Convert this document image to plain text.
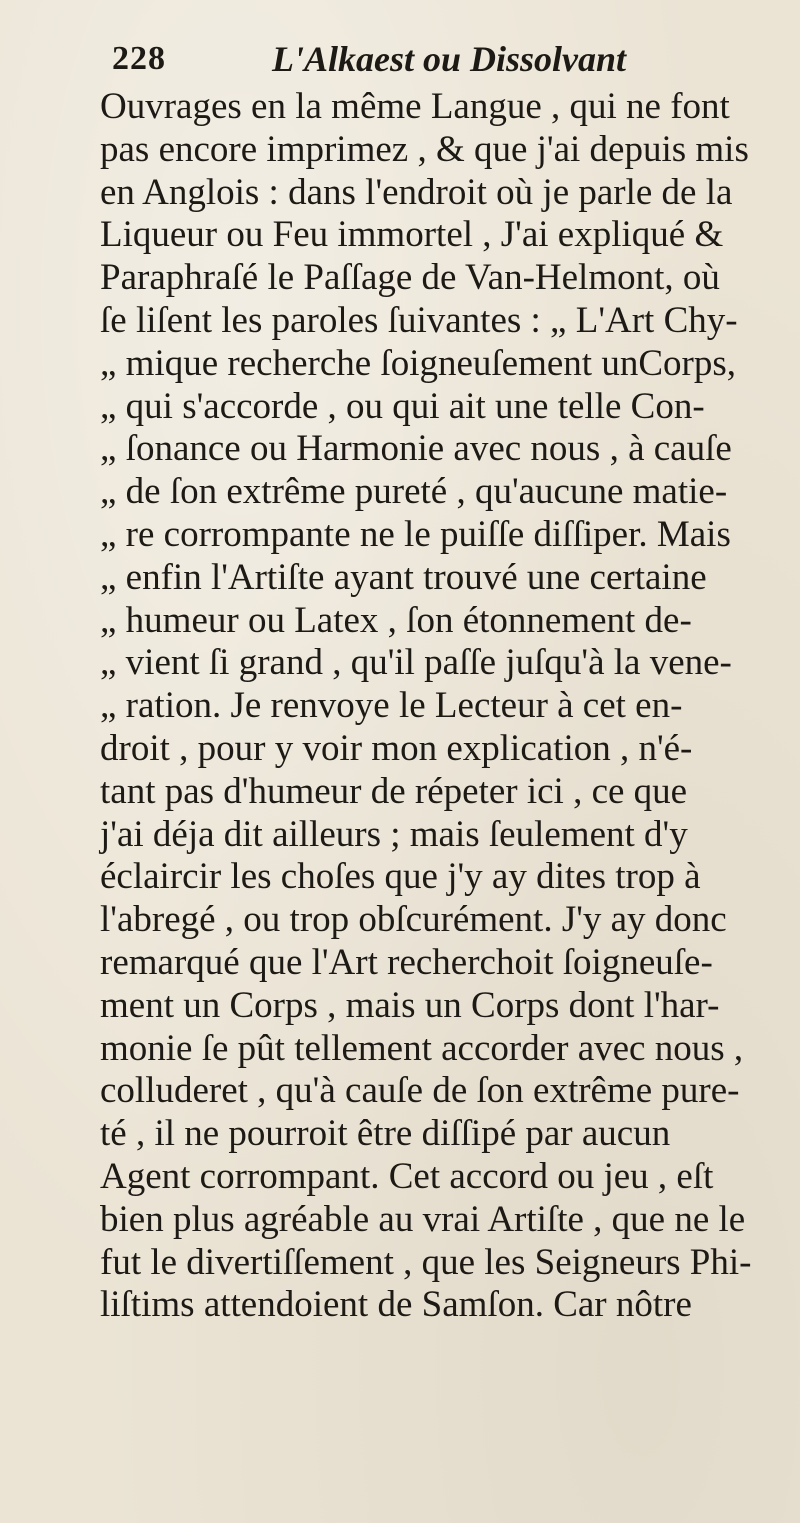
228	L'Alkaest ou Dissolvant
Ouvrages en la même Langue , qui ne font
pas encore imprimez , & que j'ai depuis mis
en Anglois : dans l'endroit où je parle de la
Liqueur ou Feu immortel , J'ai expliqué &
Paraphraſé le Paſſage de Van-Helmont, où
ſe liſent les paroles ſuivantes : „ L'Art Chy-
„ mique recherche ſoigneuſement unCorps,
„ qui s'accorde , ou qui ait une telle Con-
„ ſonance ou Harmonie avec nous , à cauſe
„ de ſon extrême pureté , qu'aucune matie-
„ re corrompante ne le puiſſe diſſiper. Mais
„ enfin l'Artiſte ayant trouvé une certaine
„ humeur ou Latex , ſon étonnement de-
„ vient ſi grand , qu'il paſſe juſqu'à la vene-
„ ration. Je renvoye le Lecteur à cet en-
droit , pour y voir mon explication , n'é-
tant pas d'humeur de répeter ici , ce que
j'ai déja dit ailleurs ; mais ſeulement d'y
éclaircir les choſes que j'y ay dites trop à
l'abregé , ou trop obſcurément. J'y ay donc
remarqué que l'Art recherchoit ſoigneuſe-
ment un Corps , mais un Corps dont l'har-
monie ſe pût tellement accorder avec nous ,
colluderet , qu'à cauſe de ſon extrême pure-
té , il ne pourroit être diſſipé par aucun
Agent corrompant. Cet accord ou jeu , eſt
bien plus agréable au vrai Artiſte , que ne le
fut le divertiſſement , que les Seigneurs Phi-
liſtims attendoient de Samſon. Car nôtre
